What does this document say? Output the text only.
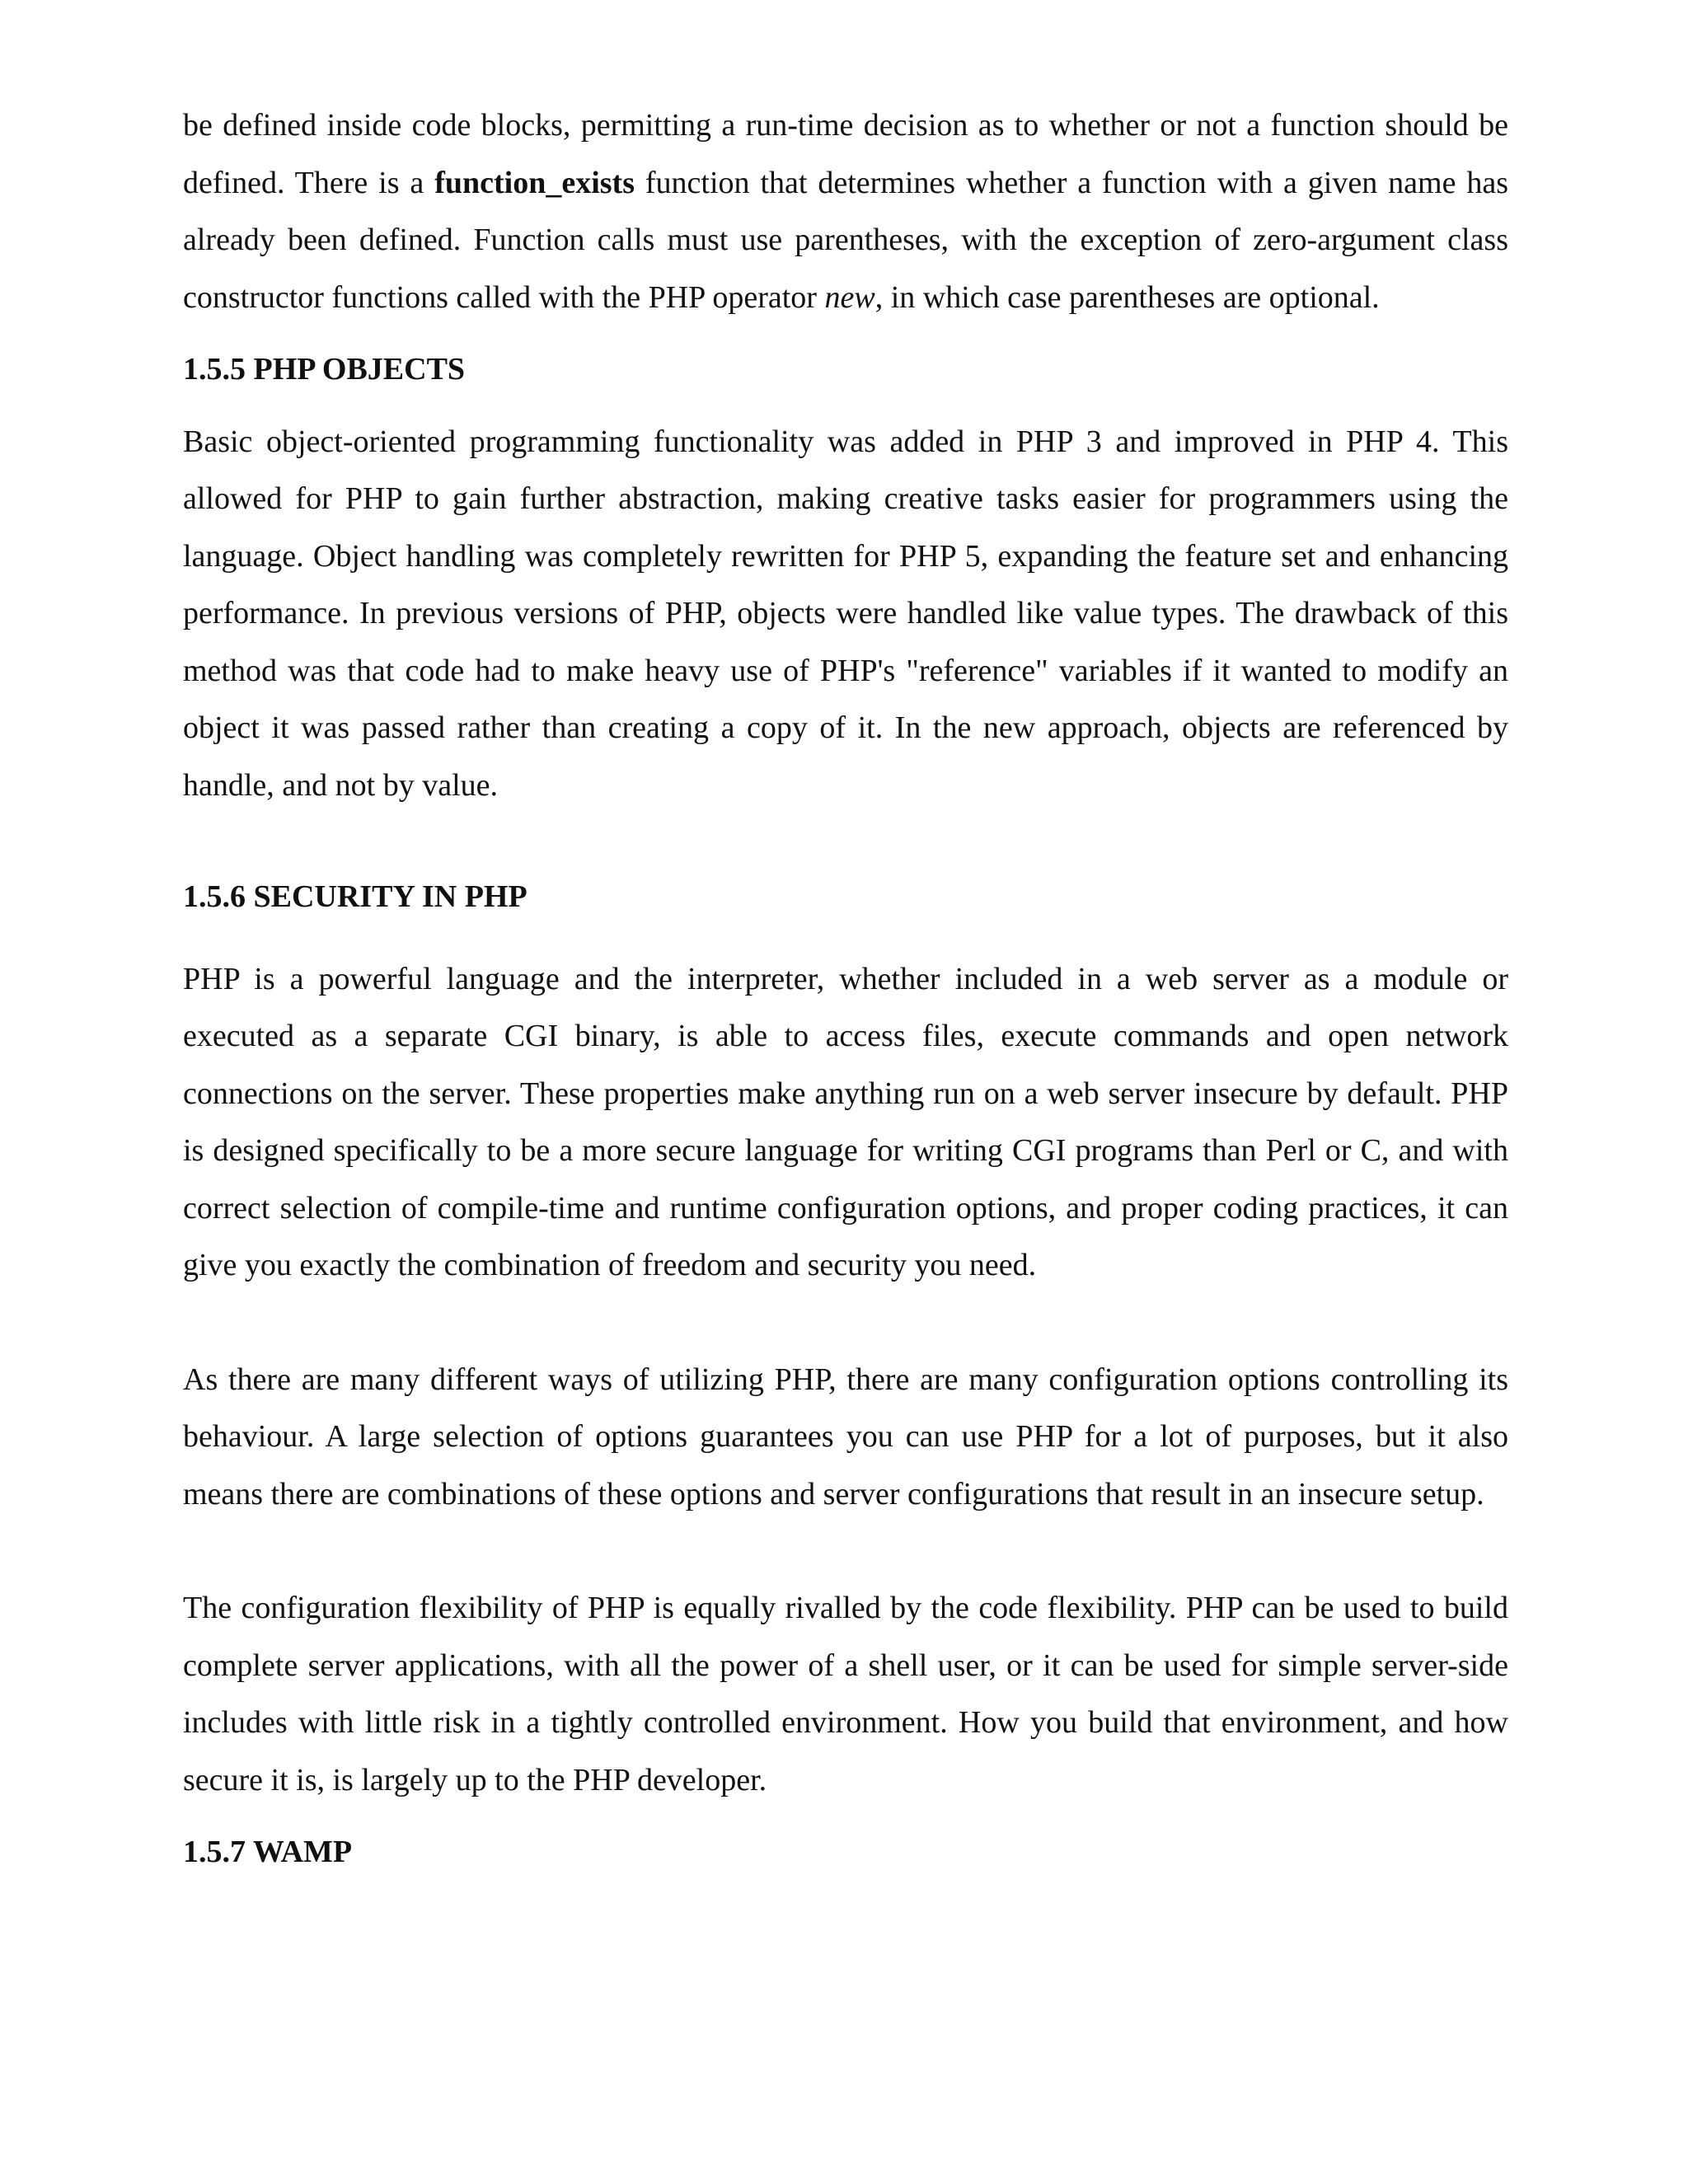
be defined inside code blocks, permitting a run-time decision as to whether or not a function should be defined. There is a function_exists function that determines whether a function with a given name has already been defined. Function calls must use parentheses, with the exception of zero-argument class constructor functions called with the PHP operator new, in which case parentheses are optional.

1.5.5 PHP OBJECTS

Basic object-oriented programming functionality was added in PHP 3 and improved in PHP 4. This allowed for PHP to gain further abstraction, making creative tasks easier for programmers using the language. Object handling was completely rewritten for PHP 5, expanding the feature set and enhancing performance. In previous versions of PHP, objects were handled like value types. The drawback of this method was that code had to make heavy use of PHP's "reference" variables if it wanted to modify an object it was passed rather than creating a copy of it. In the new approach, objects are referenced by handle, and not by value.

1.5.6 SECURITY IN PHP

PHP is a powerful language and the interpreter, whether included in a web server as a module or executed as a separate CGI binary, is able to access files, execute commands and open network connections on the server. These properties make anything run on a web server insecure by default. PHP is designed specifically to be a more secure language for writing CGI programs than Perl or C, and with correct selection of compile-time and runtime configuration options, and proper coding practices, it can give you exactly the combination of freedom and security you need.

As there are many different ways of utilizing PHP, there are many configuration options controlling its behaviour. A large selection of options guarantees you can use PHP for a lot of purposes, but it also means there are combinations of these options and server configurations that result in an insecure setup.

The configuration flexibility of PHP is equally rivalled by the code flexibility. PHP can be used to build complete server applications, with all the power of a shell user, or it can be used for simple server-side includes with little risk in a tightly controlled environment. How you build that environment, and how secure it is, is largely up to the PHP developer.

1.5.7 WAMP
